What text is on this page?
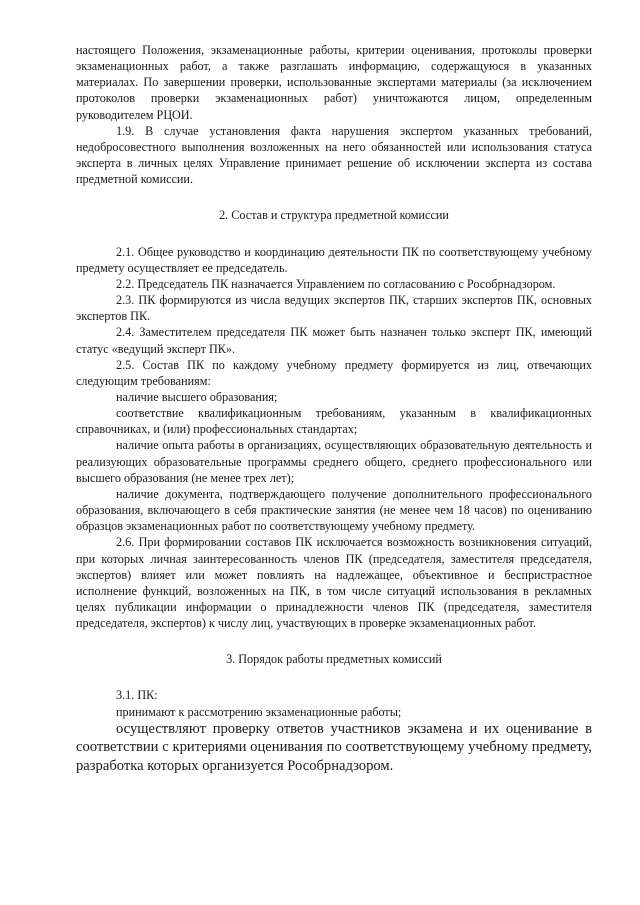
настоящего Положения, экзаменационные работы, критерии оценивания, протоколы проверки экзаменационных работ, а также разглашать информацию, содержащуюся в указанных материалах. По завершении проверки, использованные экспертами материалы (за исключением протоколов проверки экзаменационных работ) уничтожаются лицом, определенным руководителем РЦОИ.

1.9. В случае установления факта нарушения экспертом указанных требований, недобросовестного выполнения возложенных на него обязанностей или использования статуса эксперта в личных целях Управление принимает решение об исключении эксперта из состава предметной комиссии.

2. Состав и структура предметной комиссии

2.1. Общее руководство и координацию деятельности ПК по соответствующему учебному предмету осуществляет ее председатель.

2.2. Председатель ПК назначается Управлением по согласованию с Рособрнадзором.

2.3. ПК формируются из числа ведущих экспертов ПК, старших экспертов ПК, основных экспертов ПК.

2.4. Заместителем председателя ПК может быть назначен только эксперт ПК, имеющий статус «ведущий эксперт ПК».

2.5. Состав ПК по каждому учебному предмету формируется из лиц, отвечающих следующим требованиям:

наличие высшего образования;

соответствие квалификационным требованиям, указанным в квалификационных справочниках, и (или) профессиональных стандартах;

наличие опыта работы в организациях, осуществляющих образовательную деятельность и реализующих образовательные программы среднего общего, среднего профессионального или высшего образования (не менее трех лет);

наличие документа, подтверждающего получение дополнительного профессионального образования, включающего в себя практические занятия (не менее чем 18 часов) по оцениванию образцов экзаменационных работ по соответствующему учебному предмету.

2.6. При формировании составов ПК исключается возможность возникновения ситуаций, при которых личная заинтересованность членов ПК (председателя, заместителя председателя, экспертов) влияет или может повлиять на надлежащее, объективное и беспристрастное исполнение функций, возложенных на ПК, в том числе ситуаций использования в рекламных целях публикации информации о принадлежности членов ПК (председателя, заместителя председателя, экспертов) к числу лиц, участвующих в проверке экзаменационных работ.

3. Порядок работы предметных комиссий

3.1. ПК:

принимают к рассмотрению экзаменационные работы;

осуществляют проверку ответов участников экзамена и их оценивание в соответствии с критериями оценивания по соответствующему учебному предмету, разработка которых организуется Рособрнадзором.
